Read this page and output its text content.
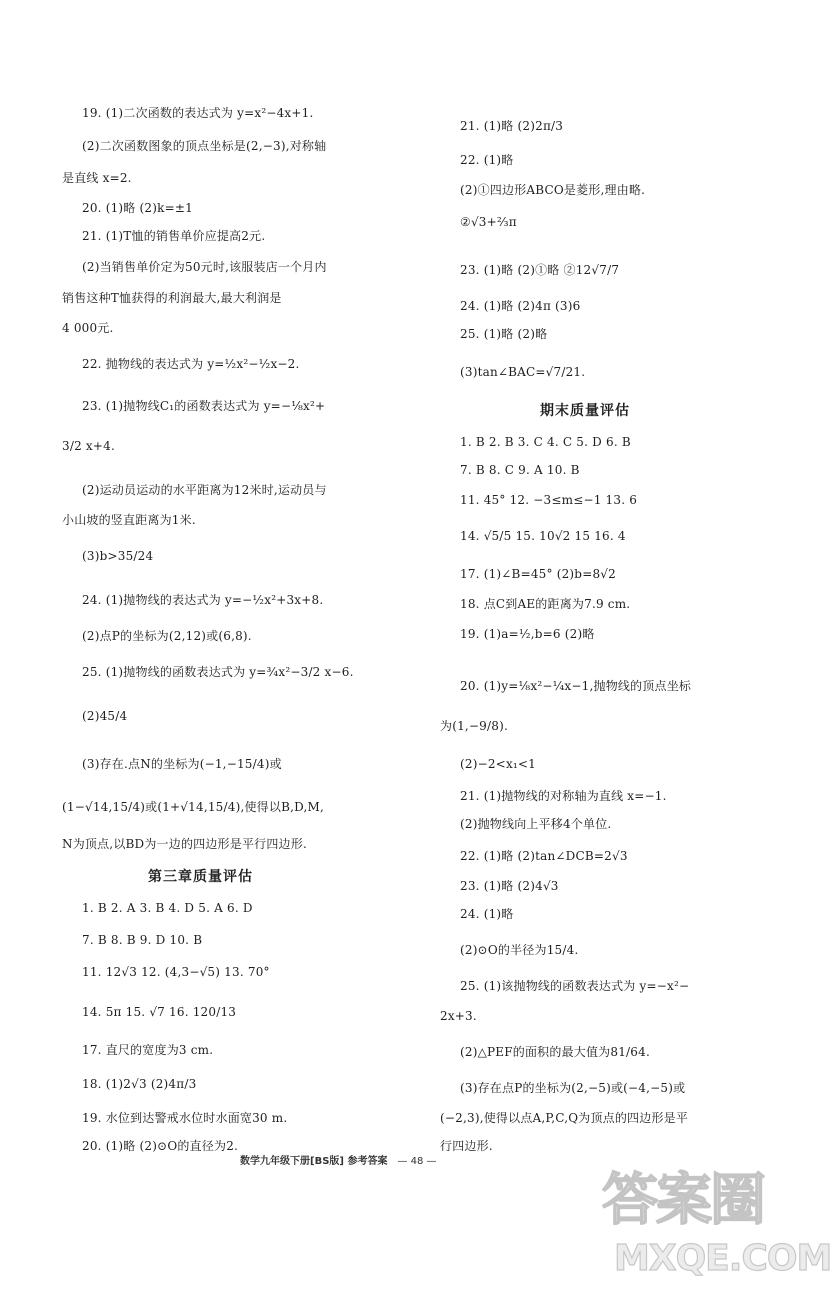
19. (1)二次函数的表达式为 y=x²−4x+1.
(2)二次函数图象的顶点坐标是(2,−3),对称轴
是直线 x=2.
20. (1)略 (2)k=±1
21. (1)T恤的销售单价应提高2元.
(2)当销售单价定为50元时,该服装店一个月内
销售这种T恤获得的利润最大,最大利润是
4 000元.
22. 抛物线的表达式为 y=½x²−½x−2.
23. (1)抛物线C₁的函数表达式为 y=−⅛x²+
3/2 x+4.
(2)运动员运动的水平距离为12米时,运动员与
小山坡的竖直距离为1米.
(3)b>35/24
24. (1)抛物线的表达式为 y=−½x²+3x+8.
(2)点P的坐标为(2,12)或(6,8).
25. (1)抛物线的函数表达式为 y=¾x²−3/2 x−6.
(2)45/4
(3)存在.点N的坐标为(−1,−15/4)或
(1−√14,15/4)或(1+√14,15/4),使得以B,D,M,
N为顶点,以BD为一边的四边形是平行四边形.
第三章质量评估
1. B 2. A 3. B 4. D 5. A 6. D
7. B 8. B 9. D 10. B
11. 12√3 12. (4,3−√5) 13. 70°
14. 5π 15. √7 16. 120/13
17. 直尺的宽度为3 cm.
18. (1)2√3 (2)4π/3
19. 水位到达警戒水位时水面宽30 m.
20. (1)略 (2)⊙O的直径为2.
21. (1)略 (2)2π/3
22. (1)略
(2)①四边形ABCO是菱形,理由略.
②√3+⅔π
23. (1)略 (2)①略 ②12√7/7
24. (1)略 (2)4π (3)6
25. (1)略 (2)略
(3)tan∠BAC=√7/21.
期末质量评估
1. B 2. B 3. C 4. C 5. D 6. B
7. B 8. C 9. A 10. B
11. 45° 12. −3≤m≤−1 13. 6
14. √5/5 15. 10√2 15 16. 4
17. (1)∠B=45° (2)b=8√2
18. 点C到AE的距离为7.9 cm.
19. (1)a=½,b=6 (2)略
20. (1)y=⅛x²−¼x−1,抛物线的顶点坐标
为(1,−9/8).
(2)−2<x₁<1
21. (1)抛物线的对称轴为直线 x=−1.
(2)抛物线向上平移4个单位.
22. (1)略 (2)tan∠DCB=2√3
23. (1)略 (2)4√3
24. (1)略
(2)⊙O的半径为15/4.
25. (1)该抛物线的函数表达式为 y=−x²−
2x+3.
(2)△PEF的面积的最大值为81/64.
(3)存在点P的坐标为(2,−5)或(−4,−5)或
(−2,3),使得以点A,P,C,Q为顶点的四边形是平
行四边形.
数学九年级下册[BS版] 参考答案 — 48 —
答案圈
MXQE.COM
